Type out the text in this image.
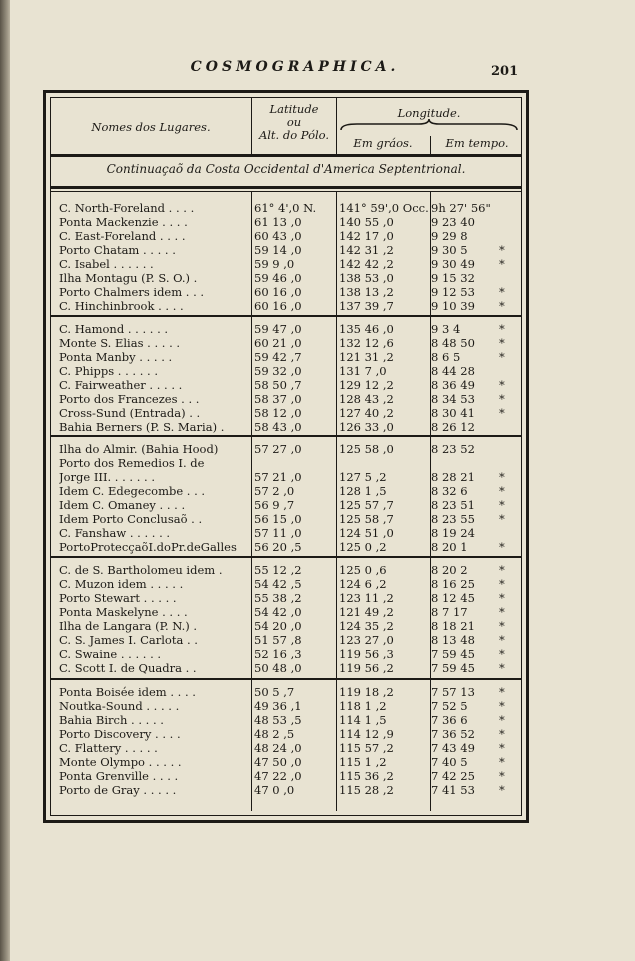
COSMOGRAPHICA.	201
Nomes dos Lugares.
Latitude
ou
Alt. do Pólo.
Longitude.
Em gráos.	Em tempo.
Continuaçaõ da Costa Occidental d'America Septentrional.
C. North-Foreland . . . .	61° 4',0 N.	141° 59',0 Occ. 9h 27' 56"
Ponta Mackenzie . . . .	61 13 ,0	140 55 ,0	9 23 40
C. East-Foreland . . . .	60 43 ,0	142 17 ,0	9 29 8
Porto Chatam . . . . .	59 14 ,0	142 31 ,2	9 30 5	*
C. Isabel . . . . . .	59 9 ,0	142 42 ,2	9 30 49	*
Ilha Montagu (P. S. O.) .	59 46 ,0	138 53 ,0	9 15 32
Porto Chalmers idem . . .	60 16 ,0	138 13 ,2	9 12 53	*
C. Hinchinbrook . . . .	60 16 ,0	137 39 ,7	9 10 39	*
C. Hamond . . . . . .	59 47 ,0	135 46 ,0	9 3 4	*
Monte S. Elias . . . . .	60 21 ,0	132 12 ,6	8 48 50	*
Ponta Manby . . . . .	59 42 ,7	121 31 ,2	8 6 5	*
C. Phipps . . . . . .	59 32 ,0	131 7 ,0	8 44 28
C. Fairweather . . . . .	58 50 ,7	129 12 ,2	8 36 49	*
Porto dos Francezes . . .	58 37 ,0	128 43 ,2	8 34 53	*
Cross-Sund (Entrada) . .	58 12 ,0	127 40 ,2	8 30 41	*
Bahia Berners (P. S. Maria) .	58 43 ,0	126 33 ,0	8 26 12
Ilha do Almir. (Bahia Hood)	57 27 ,0	125 58 ,0	8 23 52
Porto dos Remedios I. de
Jorge III. . . . . . .	57 21 ,0	127 5 ,2	8 28 21	*
Idem C. Edegecombe . . .	57 2 ,0	128 1 ,5	8 32 6	*
Idem C. Omaney . . . .	56 9 ,7	125 57 ,7	8 23 51	*
Idem Porto Conclusaõ . .	56 15 ,0	125 58 ,7	8 23 55	*
C. Fanshaw . . . . . .	57 11 ,0	124 51 ,0	8 19 24
PortoProtecçaõI.doPr.deGalles	56 20 ,5	125 0 ,2	8 20 1	*
C. de S. Bartholomeu idem .	55 12 ,2	125 0 ,6	8 20 2	*
C. Muzon idem . . . . .	54 42 ,5	124 6 ,2	8 16 25	*
Porto Stewart . . . . .	55 38 ,2	123 11 ,2	8 12 45	*
Ponta Maskelyne . . . .	54 42 ,0	121 49 ,2	8 7 17	*
Ilha de Langara (P. N.) .	54 20 ,0	124 35 ,2	8 18 21	*
C. S. James I. Carlota . .	51 57 ,8	123 27 ,0	8 13 48	*
C. Swaine . . . . . .	52 16 ,3	119 56 ,3	7 59 45	*
C. Scott I. de Quadra . .	50 48 ,0	119 56 ,2	7 59 45	*
Ponta Boisée idem . . . .	50 5 ,7	119 18 ,2	7 57 13	*
Noutka-Sound . . . . .	49 36 ,1	118 1 ,2	7 52 5	*
Bahia Birch . . . . .	48 53 ,5	114 1 ,5	7 36 6	*
Porto Discovery . . . .	48 2 ,5	114 12 ,9	7 36 52	*
C. Flattery . . . . .	48 24 ,0	115 57 ,2	7 43 49	*
Monte Olympo . . . . .	47 50 ,0	115 1 ,2	7 40 5	*
Ponta Grenville . . . .	47 22 ,0	115 36 ,2	7 42 25	*
Porto de Gray . . . . .	47 0 ,0	115 28 ,2	7 41 53	*
